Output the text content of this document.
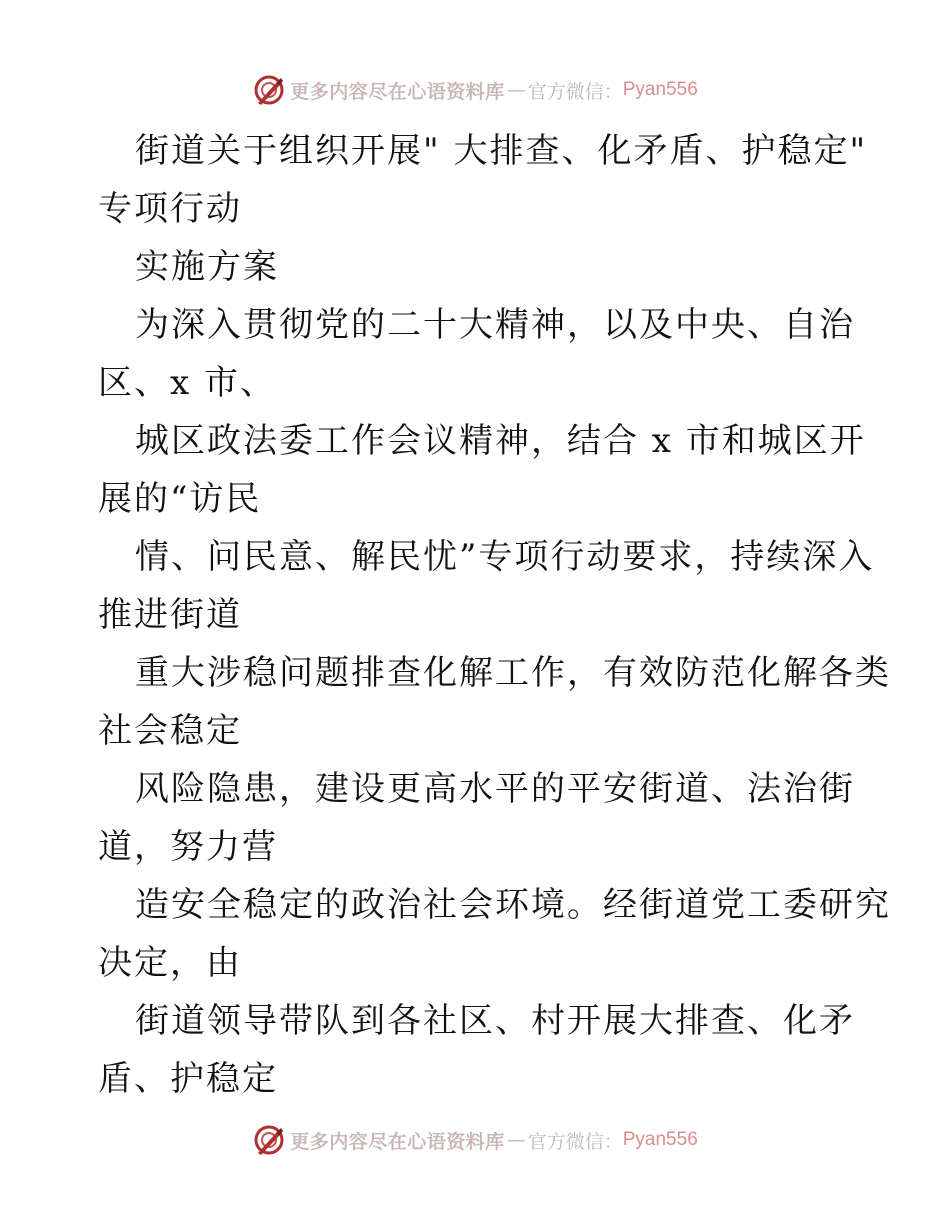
更多内容尽在心语资料库 — 官方微信： Pyan556
街道关于组织开展" 大排查、化矛盾、护稳定"
专项行动
实施方案
为深入贯彻党的二十大精神，以及中央、自治
区、x 市、
城区政法委工作会议精神，结合 x 市和城区开
展的“访民
情、问民意、解民忧”专项行动要求，持续深入
推进街道
重大涉稳问题排查化解工作，有效防范化解各类
社会稳定
风险隐患，建设更高水平的平安街道、法治街
道，努力营
造安全稳定的政治社会环境。经街道党工委研究
决定，由
街道领导带队到各社区、村开展大排查、化矛
盾、护稳定
更多内容尽在心语资料库 — 官方微信： Pyan556
